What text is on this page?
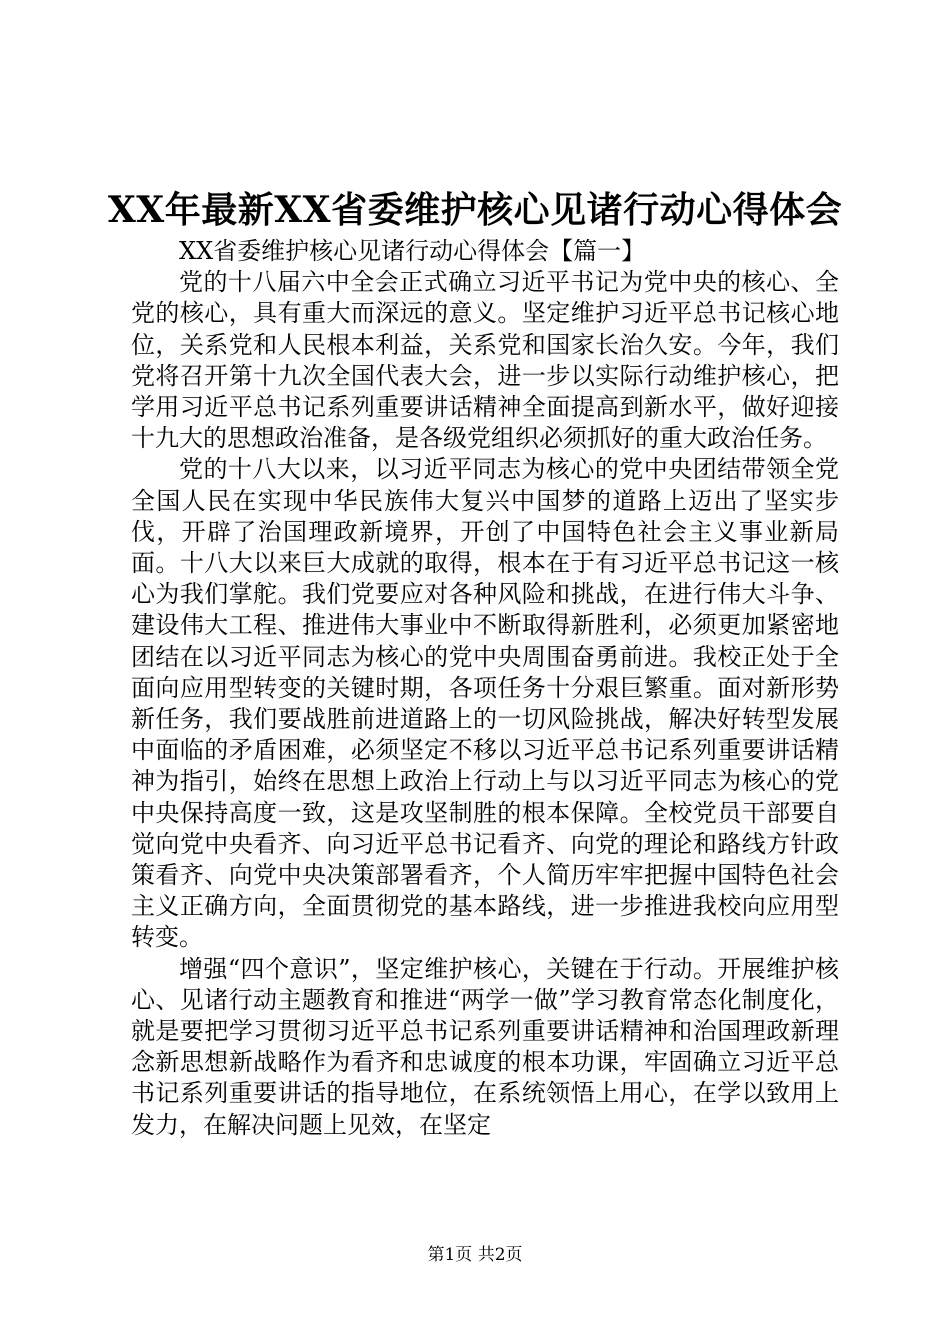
XX年最新XX省委维护核心见诸行动心得体会

XX省委维护核心见诸行动心得体会【篇一】

党的十八届六中全会正式确立习近平书记为党中央的核心、全党的核心，具有重大而深远的意义。坚定维护习近平总书记核心地位，关系党和人民根本利益，关系党和国家长治久安。今年，我们党将召开第十九次全国代表大会，进一步以实际行动维护核心，把学用习近平总书记系列重要讲话精神全面提高到新水平，做好迎接十九大的思想政治准备，是各级党组织必须抓好的重大政治任务。

党的十八大以来，以习近平同志为核心的党中央团结带领全党全国人民在实现中华民族伟大复兴中国梦的道路上迈出了坚实步伐，开辟了治国理政新境界，开创了中国特色社会主义事业新局面。十八大以来巨大成就的取得，根本在于有习近平总书记这一核心为我们掌舵。我们党要应对各种风险和挑战，在进行伟大斗争、建设伟大工程、推进伟大事业中不断取得新胜利，必须更加紧密地团结在以习近平同志为核心的党中央周围奋勇前进。我校正处于全面向应用型转变的关键时期，各项任务十分艰巨繁重。面对新形势新任务，我们要战胜前进道路上的一切风险挑战，解决好转型发展中面临的矛盾困难，必须坚定不移以习近平总书记系列重要讲话精神为指引，始终在思想上政治上行动上与以习近平同志为核心的党中央保持高度一致，这是攻坚制胜的根本保障。全校党员干部要自觉向党中央看齐、向习近平总书记看齐、向党的理论和路线方针政策看齐、向党中央决策部署看齐，个人简历牢牢把握中国特色社会主义正确方向，全面贯彻党的基本路线，进一步推进我校向应用型转变。

增强“四个意识”，坚定维护核心，关键在于行动。开展维护核心、见诸行动主题教育和推进“两学一做”学习教育常态化制度化，就是要把学习贯彻习近平总书记系列重要讲话精神和治国理政新理念新思想新战略作为看齐和忠诚度的根本功课，牢固确立习近平总书记系列重要讲话的指导地位，在系统领悟上用心，在学以致用上发力，在解决问题上见效，在坚定

第1页 共2页
